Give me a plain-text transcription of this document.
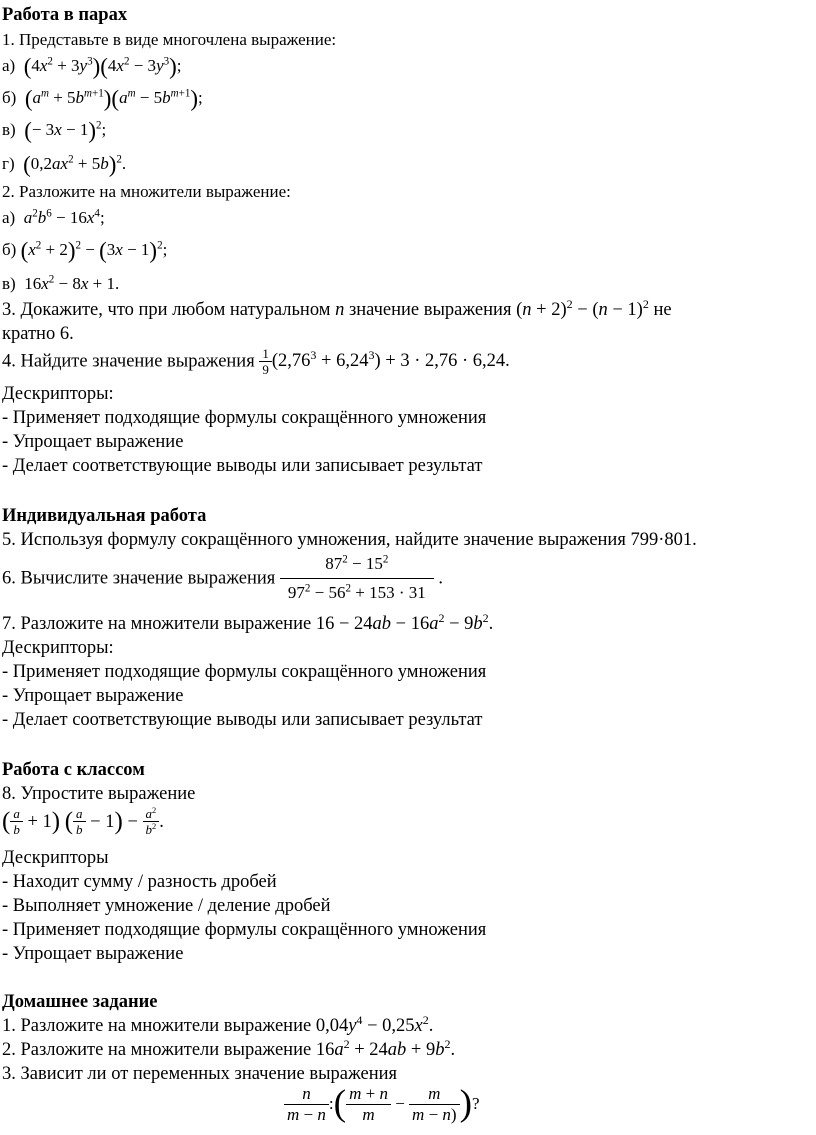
Работа в парах
1. Представьте в виде многочлена выражение:
а) $(4x^2 + 3y^3)(4x^2 - 3y^3)$;
б) $(a^m + 5b^{m+1})(a^m - 5b^{m+1})$;
в) (− 3x − 1)$^2$;
г) $(0,2ax^2 + 5b)^2$.
2. Разложите на множители выражение:
а) $a^2b^6 - 16x^4$;
б) $(x^2 + 2)^2 - (3x - 1)^2$;
в) $16x^2 - 8x + 1$.
3. Докажите, что при любом натуральном n значение выражения $(n + 2)^2 - (n - 1)^2$ не
кратно 6.
4. Найдите значение выражения $\frac{1}{9} (2,76^3 + 6,24^3) + 3 \cdot 2,76 \cdot 6,24$.
Дескрипторы:
- Применяет подходящие формулы сокращённого умножения
- Упрощает выражение
- Делает соответствующие выводы или записывает результат
Индивидуальная работа
5. Используя формулу сокращённого умножения, найдите значение выражения 799·801.
6. Вычислите значение выражения $\frac{87^2 - 15^2}{97^2 - 56^2 + 153 \cdot 31}$ .
7. Разложите на множители выражение $16 - 24ab - 16a^2 - 9b^2$.
Дескрипторы:
- Применяет подходящие формулы сокращённого умножения
- Упрощает выражение
- Делает соответствующие выводы или записывает результат
Работа с классом
8. Упростите выражение
( $\frac{a}{b} + 1$) ( $\frac{a}{b} - 1) - \frac{a^2}{b^2}$ .
Дескрипторы
- Находит сумму / разность дробей
- Выполняет умножение / деление дробей
- Применяет подходящие формулы сокращённого умножения
- Упрощает выражение
Домашнее задание
1. Разложите на множители выражение $0,04y^4 - 0,25x^2$.
2. Разложите на множители выражение $16a^2 + 24ab + 9b^2$.
3. Зависит ли от переменных значение выражения
$\frac{n}{m - n}$ :( $\frac{m + n}{m} - \frac{m}{m - n)}$ )?
